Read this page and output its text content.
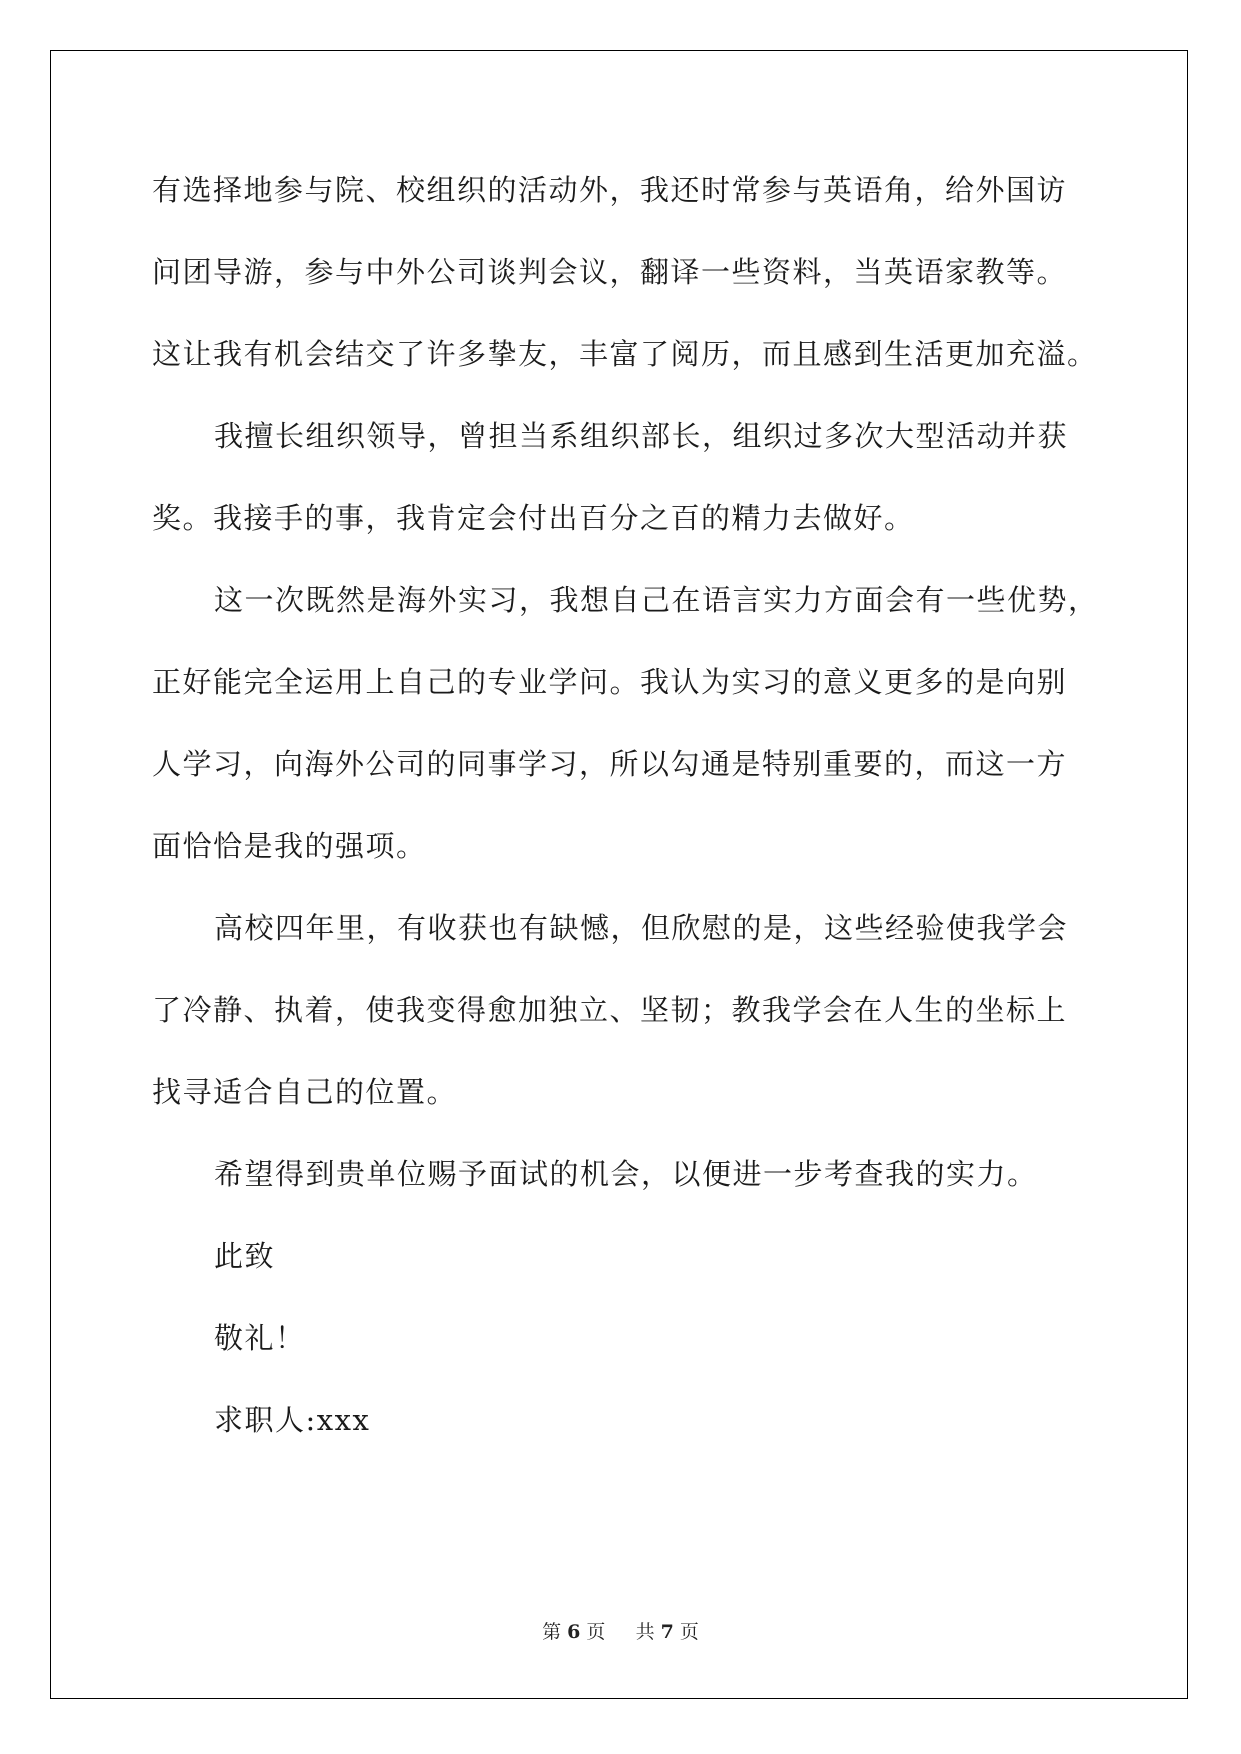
有选择地参与院、校组织的活动外，我还时常参与英语角，给外国访
问团导游，参与中外公司谈判会议，翻译一些资料，当英语家教等。
这让我有机会结交了许多挚友，丰富了阅历，而且感到生活更加充溢。
我擅长组织领导，曾担当系组织部长，组织过多次大型活动并获
奖。我接手的事，我肯定会付出百分之百的精力去做好。
这一次既然是海外实习，我想自己在语言实力方面会有一些优势，
正好能完全运用上自己的专业学问。我认为实习的意义更多的是向别
人学习，向海外公司的同事学习，所以勾通是特别重要的，而这一方
面恰恰是我的强项。
高校四年里，有收获也有缺憾，但欣慰的是，这些经验使我学会
了冷静、执着，使我变得愈加独立、坚韧；教我学会在人生的坐标上
找寻适合自己的位置。
希望得到贵单位赐予面试的机会，以便进一步考查我的实力。
此致
敬礼！
求职人:xxx
第 6 页 共 7 页
